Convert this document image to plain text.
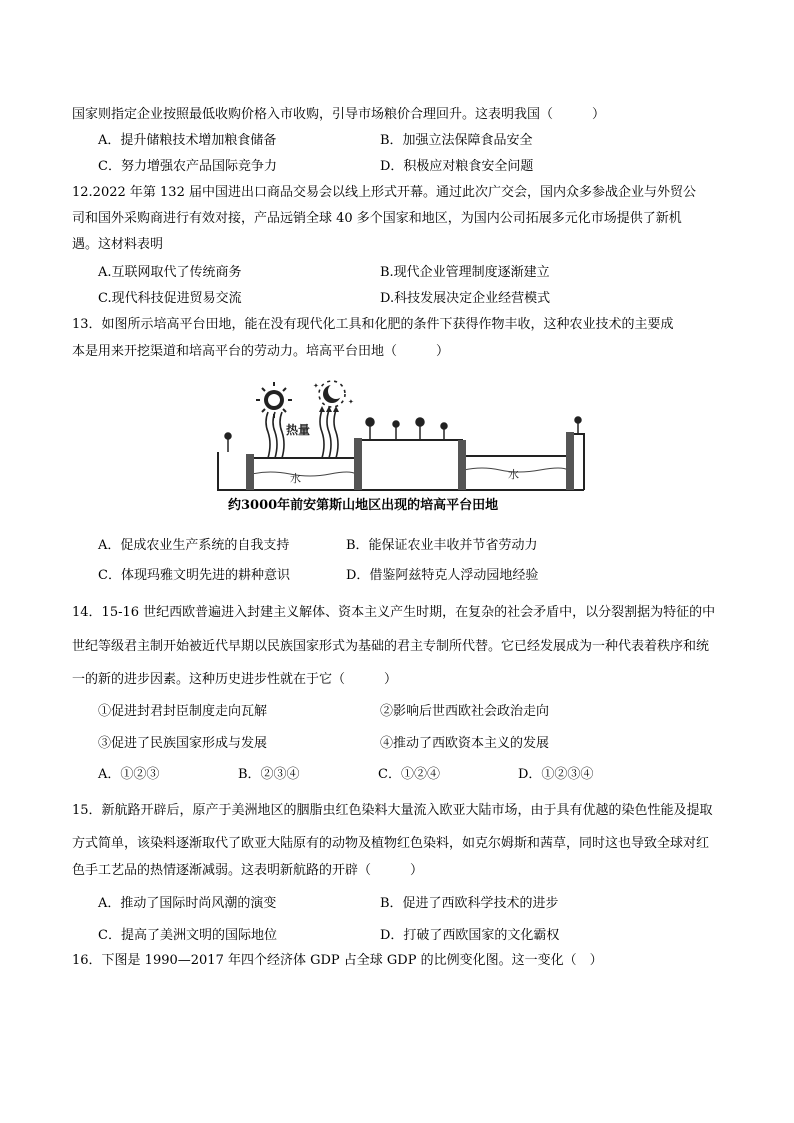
国家则指定企业按照最低收购价格入市收购，引导市场粮价合理回升。这表明我国（　　　）
A．提升储粮技术增加粮食储备	B．加强立法保障食品安全
C．努力增强农产品国际竞争力	D．积极应对粮食安全问题
12.2022 年第 132 届中国进出口商品交易会以线上形式开幕。通过此次广交会，国内众多参战企业与外贸公
司和国外采购商进行有效对接，产品远销全球 40 多个国家和地区，为国内公司拓展多元化市场提供了新机
遇。这材料表明
A.互联网取代了传统商务	B.现代企业管理制度逐渐建立
C.现代科技促进贸易交流	D.科技发展决定企业经营模式
13．如图所示培高平台田地，能在没有现代化工具和化肥的条件下获得作物丰收，这种农业技术的主要成
本是用来开挖渠道和培高平台的劳动力。培高平台田地（　　　）
✦
✦
热量
水	水
约3000年前安第斯山地区出现的培高平台田地
A．促成农业生产系统的自我支持	B．能保证农业丰收并节省劳动力
C．体现玛雅文明先进的耕种意识	D．借鉴阿兹特克人浮动园地经验
14．15-16 世纪西欧普遍进入封建主义解体、资本主义产生时期，在复杂的社会矛盾中，以分裂割据为特征的中
世纪等级君主制开始被近代早期以民族国家形式为基础的君主专制所代替。它已经发展成为一种代表着秩序和统
一的新的进步因素。这种历史进步性就在于它（　　　）
①促进封君封臣制度走向瓦解	②影响后世西欧社会政治走向
③促进了民族国家形成与发展	④推动了西欧资本主义的发展
A．①②③	B．②③④	C．①②④	D．①②③④
15．新航路开辟后，原产于美洲地区的胭脂虫红色染料大量流入欧亚大陆市场，由于具有优越的染色性能及提取
方式简单，该染料逐渐取代了欧亚大陆原有的动物及植物红色染料，如克尔姆斯和茜草，同时这也导致全球对红
色手工艺品的热情逐渐减弱。这表明新航路的开辟（　　　）
A．推动了国际时尚风潮的演变	B．促进了西欧科学技术的进步
C．提高了美洲文明的国际地位	D．打破了西欧国家的文化霸权
16．下图是 1990—2017 年四个经济体 GDP 占全球 GDP 的比例变化图。这一变化（　）
